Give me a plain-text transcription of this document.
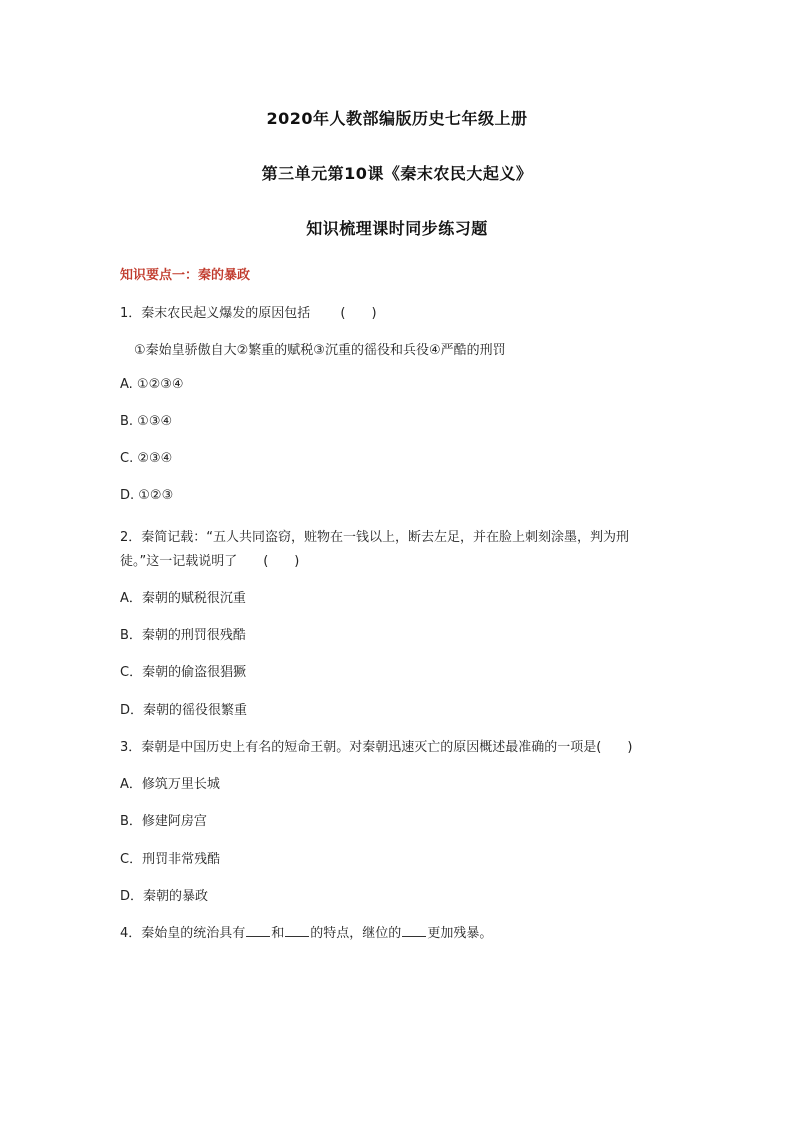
2020年人教部编版历史七年级上册
第三单元第10课《秦末农民大起义》
知识梳理课时同步练习题
知识要点一：秦的暴政
1．秦末农民起义爆发的原因包括　　 (　　)
①秦始皇骄傲自大②繁重的赋税③沉重的徭役和兵役④严酷的刑罚
A. ①②③④
B. ①③④
C. ②③④
D. ①②③
2．秦简记载：“五人共同盗窃，赃物在一钱以上，断去左足，并在脸上刺刻涂墨，判为刑
徒。”这一记载说明了　　(　　)
A．秦朝的赋税很沉重
B．秦朝的刑罚很残酷
C．秦朝的偷盗很猖獗
D．秦朝的徭役很繁重
3．秦朝是中国历史上有名的短命王朝。对秦朝迅速灭亡的原因概述最准确的一项是(　　)
A．修筑万里长城
B．修建阿房宫
C．刑罚非常残酷
D．秦朝的暴政
4．秦始皇的统治具有 和 的特点，继位的 更加残暴。
